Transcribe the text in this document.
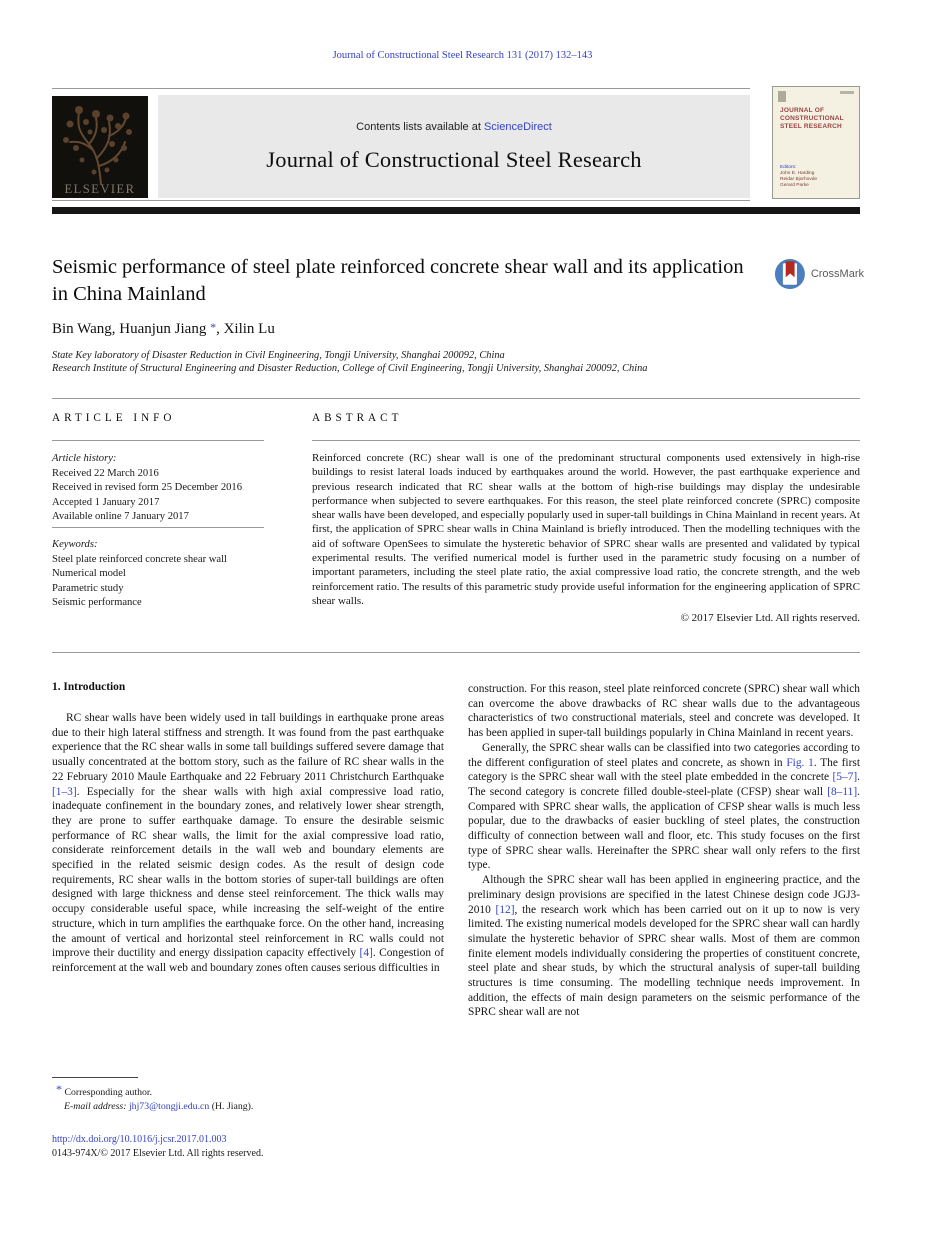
Journal of Constructional Steel Research 131 (2017) 132–143
ELSEVIER
Contents lists available at ScienceDirect
Journal of Constructional Steel Research
JOURNAL OF
CONSTRUCTIONAL
STEEL RESEARCH
Editors:
John E. Harding
Reidar Bjorhovde
Gerard Parke
Seismic performance of steel plate reinforced concrete shear wall and its application in China Mainland
CrossMark
Bin Wang, Huanjun Jiang *, Xilin Lu
State Key laboratory of Disaster Reduction in Civil Engineering, Tongji University, Shanghai 200092, China
Research Institute of Structural Engineering and Disaster Reduction, College of Civil Engineering, Tongji University, Shanghai 200092, China
ARTICLE INFO	ABSTRACT
Article history:
Received 22 March 2016
Received in revised form 25 December 2016
Accepted 1 January 2017
Available online 7 January 2017
Keywords:
Steel plate reinforced concrete shear wall
Numerical model
Parametric study
Seismic performance
Reinforced concrete (RC) shear wall is one of the predominant structural components used extensively in high-rise buildings to resist lateral loads induced by earthquakes around the world. However, the past earthquake experience and previous research indicated that RC shear walls at the bottom of high-rise buildings may display the undesirable performance when subjected to severe earthquakes. For this reason, the steel plate reinforced concrete (SPRC) composite shear walls have been developed, and especially popularly used in super-tall buildings in China Mainland in recent years. At first, the application of SPRC shear walls in China Mainland is briefly introduced. Then the modelling techniques with the aid of software OpenSees to simulate the hysteretic behavior of SPRC shear walls are presented and validated by typical experimental results. The verified numerical model is further used in the parametric study focusing on a number of important parameters, including the steel plate ratio, the axial compressive load ratio, the concrete strength, and the web reinforcement ratio. The results of this parametric study provide useful information for the engineering application of SPRC shear walls.
© 2017 Elsevier Ltd. All rights reserved.
1. Introduction

RC shear walls have been widely used in tall buildings in earthquake prone areas due to their high lateral stiffness and strength. It was found from the past earthquake experience that the RC shear walls in some tall buildings suffered severe damage that usually concentrated at the bottom story, such as the failure of RC shear walls in the 22 February 2010 Maule Earthquake and 22 February 2011 Christchurch Earthquake [1–3]. Especially for the shear walls with high axial compressive load ratio, inadequate confinement in the boundary zones, and relatively lower shear strength, they are prone to suffer earthquake damage. To ensure the desirable seismic performance of RC shear walls, the limit for the axial compressive load ratio, considerate reinforcement details in the wall web and boundary elements are specified in the related seismic design codes. As the result of design code requirements, RC shear walls in the bottom stories of super-tall buildings are often designed with large thickness and dense steel reinforcement. The thick walls may occupy considerable useful space, while increasing the self-weight of the entire structure, which in turn amplifies the earthquake force. On the other hand, increasing the amount of vertical and horizontal steel reinforcement in RC walls could not improve their ductility and energy dissipation capacity effectively [4]. Congestion of reinforcement at the wall web and boundary zones often causes serious difficulties in

construction. For this reason, steel plate reinforced concrete (SPRC) shear wall which can overcome the above drawbacks of RC shear walls due to the advantageous characteristics of two constructional materials, steel and concrete was developed. It has been applied in super-tall buildings popularly in China Mainland in recent years.

Generally, the SPRC shear walls can be classified into two categories according to the different configuration of steel plates and concrete, as shown in Fig. 1. The first category is the SPRC shear wall with the steel plate embedded in the concrete [5–7]. The second category is concrete filled double-steel-plate (CFSP) shear wall [8–11]. Compared with SPRC shear walls, the application of CFSP shear walls is much less popular, due to the drawbacks of easier buckling of steel plates, the construction difficulty of connection between wall and floor, etc. This study focuses on the first type of SPRC shear walls. Hereinafter the SPRC shear wall only refers to the first type.

Although the SPRC shear wall has been applied in engineering practice, and the preliminary design provisions are specified in the latest Chinese design code JGJ3-2010 [12], the research work which has been carried out on it up to now is very limited. The existing numerical models developed for the SPRC shear wall can hardly simulate the hysteretic behavior of SPRC shear walls. Most of them are common finite element models individually considering the properties of constituent concrete, steel plate and shear studs, by which the structural analysis of super-tall building structures is time consuming. The modelling technique needs improvement. In addition, the effects of main design parameters on the seismic performance of the SPRC shear wall are not

* Corresponding author.
E-mail address: jhj73@tongji.edu.cn (H. Jiang).
http://dx.doi.org/10.1016/j.jcsr.2017.01.003
0143-974X/© 2017 Elsevier Ltd. All rights reserved.
